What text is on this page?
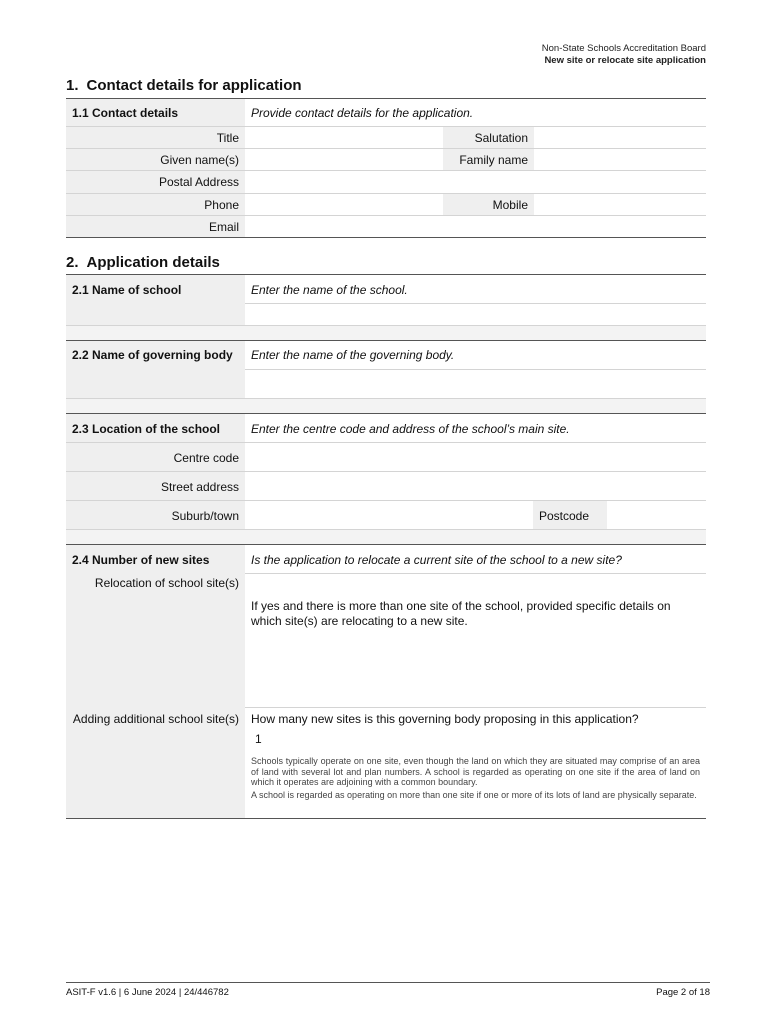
Non-State Schools Accreditation Board
New site or relocate site application
1. Contact details for application
1.1 Contact details	Provide contact details for the application.		
Title		Salutation	
Given name(s)		Family name	
Postal Address			
Phone		Mobile	
Email			
2. Application details
2.1 Name of school	Enter the name of the school.		

2.2 Name of governing body	Enter the name of the governing body.		

2.3 Location of the school	Enter the centre code and address of the school’s main site.		
Centre code			
Street address			
Suburb/town		Postcode	

2.4 Number of new sites	Is the application to relocate a current site of the school to a new site?		
Relocation of school site(s)	If yes and there is more than one site of the school, provided specific details on which site(s) are relocating to a new site.		
Adding additional school site(s)	How many new sites is this governing body proposing in this application?
1
Schools typically operate on one site, even though the land on which they are situated may comprise of an area of land with several lot and plan numbers. A school is regarded as operating on one site if the area of land on which it operates are adjoining with a common boundary.
A school is regarded as operating on more than one site if one or more of its lots of land are physically separate.		
ASIT-F v1.6 | 6 June 2024 | 24/446782	Page 2 of 18
